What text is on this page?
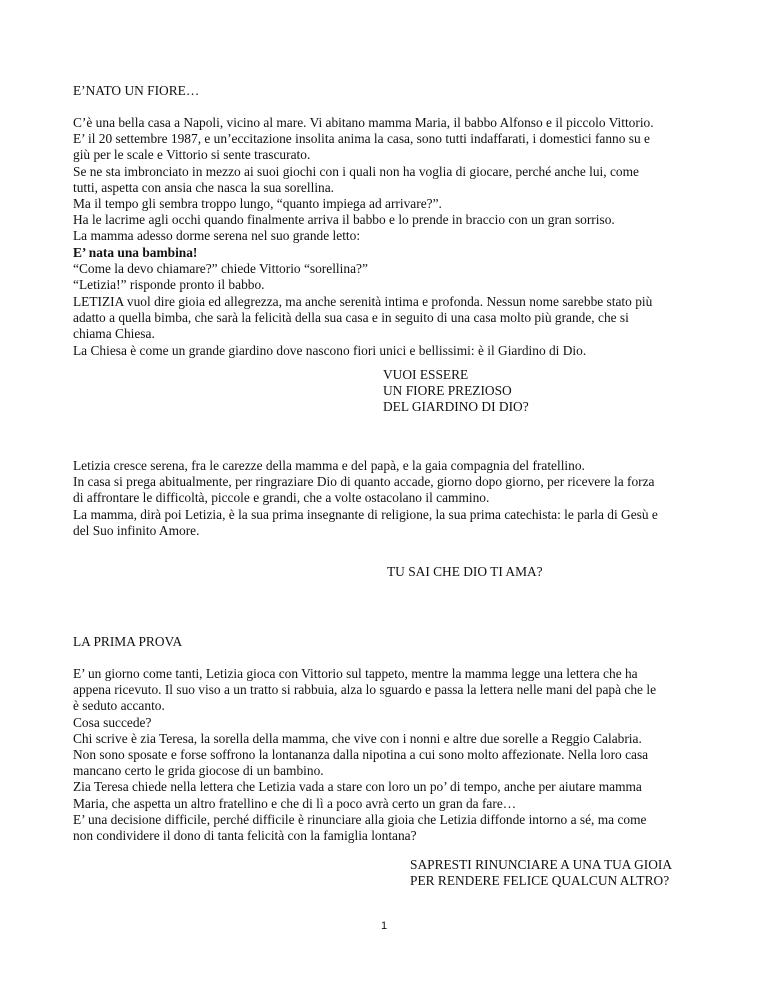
E’NATO UN FIORE…

C’è una bella casa a Napoli, vicino al mare. Vi abitano mamma Maria, il babbo Alfonso e il piccolo Vittorio.

E’ il 20 settembre 1987, e un’eccitazione insolita anima la casa, sono tutti indaffarati, i domestici fanno su e

giù per le scale e Vittorio si sente trascurato.

Se ne sta imbronciato in mezzo ai suoi giochi con i quali non ha voglia di giocare, perché anche lui, come

tutti, aspetta con ansia che nasca la sua sorellina.

Ma il tempo gli sembra troppo lungo, “quanto impiega ad arrivare?”.

Ha le lacrime agli occhi quando finalmente arriva il babbo e lo prende in braccio con un gran sorriso.

La mamma adesso dorme serena nel suo grande letto:

E’ nata una bambina!

“Come la devo chiamare?” chiede Vittorio “sorellina?”

“Letizia!” risponde pronto il babbo.

LETIZIA vuol dire gioia ed allegrezza, ma anche serenità intima e profonda. Nessun nome sarebbe stato più

adatto a quella bimba, che sarà la felicità della sua casa e in seguito di una casa molto più grande, che si

chiama Chiesa.

La Chiesa è come un grande giardino dove nascono fiori unici e bellissimi: è il Giardino di Dio.

VUOI ESSERE

UN FIORE PREZIOSO

DEL GIARDINO DI DIO?

Letizia cresce serena, fra le carezze della mamma e del papà, e la gaia compagnia del fratellino.

In casa si prega abitualmente, per ringraziare Dio di quanto accade, giorno dopo giorno, per ricevere la forza

di affrontare le difficoltà, piccole e grandi, che a volte ostacolano il cammino.

La mamma, dirà poi Letizia, è la sua prima insegnante di religione, la sua prima catechista: le parla di Gesù e

del Suo infinito Amore.

TU SAI CHE DIO TI AMA?

LA PRIMA PROVA

E’ un giorno come tanti, Letizia gioca con Vittorio sul tappeto, mentre la mamma legge una lettera che ha

appena ricevuto. Il suo viso a un tratto si rabbuia, alza lo sguardo e passa la lettera nelle mani del papà che le

è seduto accanto.

Cosa succede?

Chi scrive è zia Teresa, la sorella della mamma, che vive con i nonni e altre due sorelle a Reggio Calabria.

Non sono sposate e forse soffrono la lontananza dalla nipotina a cui sono molto affezionate. Nella loro casa

mancano certo le grida giocose di un bambino.

Zia Teresa chiede nella lettera che Letizia vada a stare con loro un po’ di tempo, anche per aiutare mamma

Maria, che aspetta un altro fratellino e che di lì a poco avrà certo un gran da fare…

E’ una decisione difficile, perché difficile è rinunciare alla gioia che Letizia diffonde intorno a sé, ma come

non condividere il dono di tanta felicità con la famiglia lontana?

SAPRESTI RINUNCIARE A UNA TUA GIOIA

PER RENDERE FELICE QUALCUN ALTRO?

1
